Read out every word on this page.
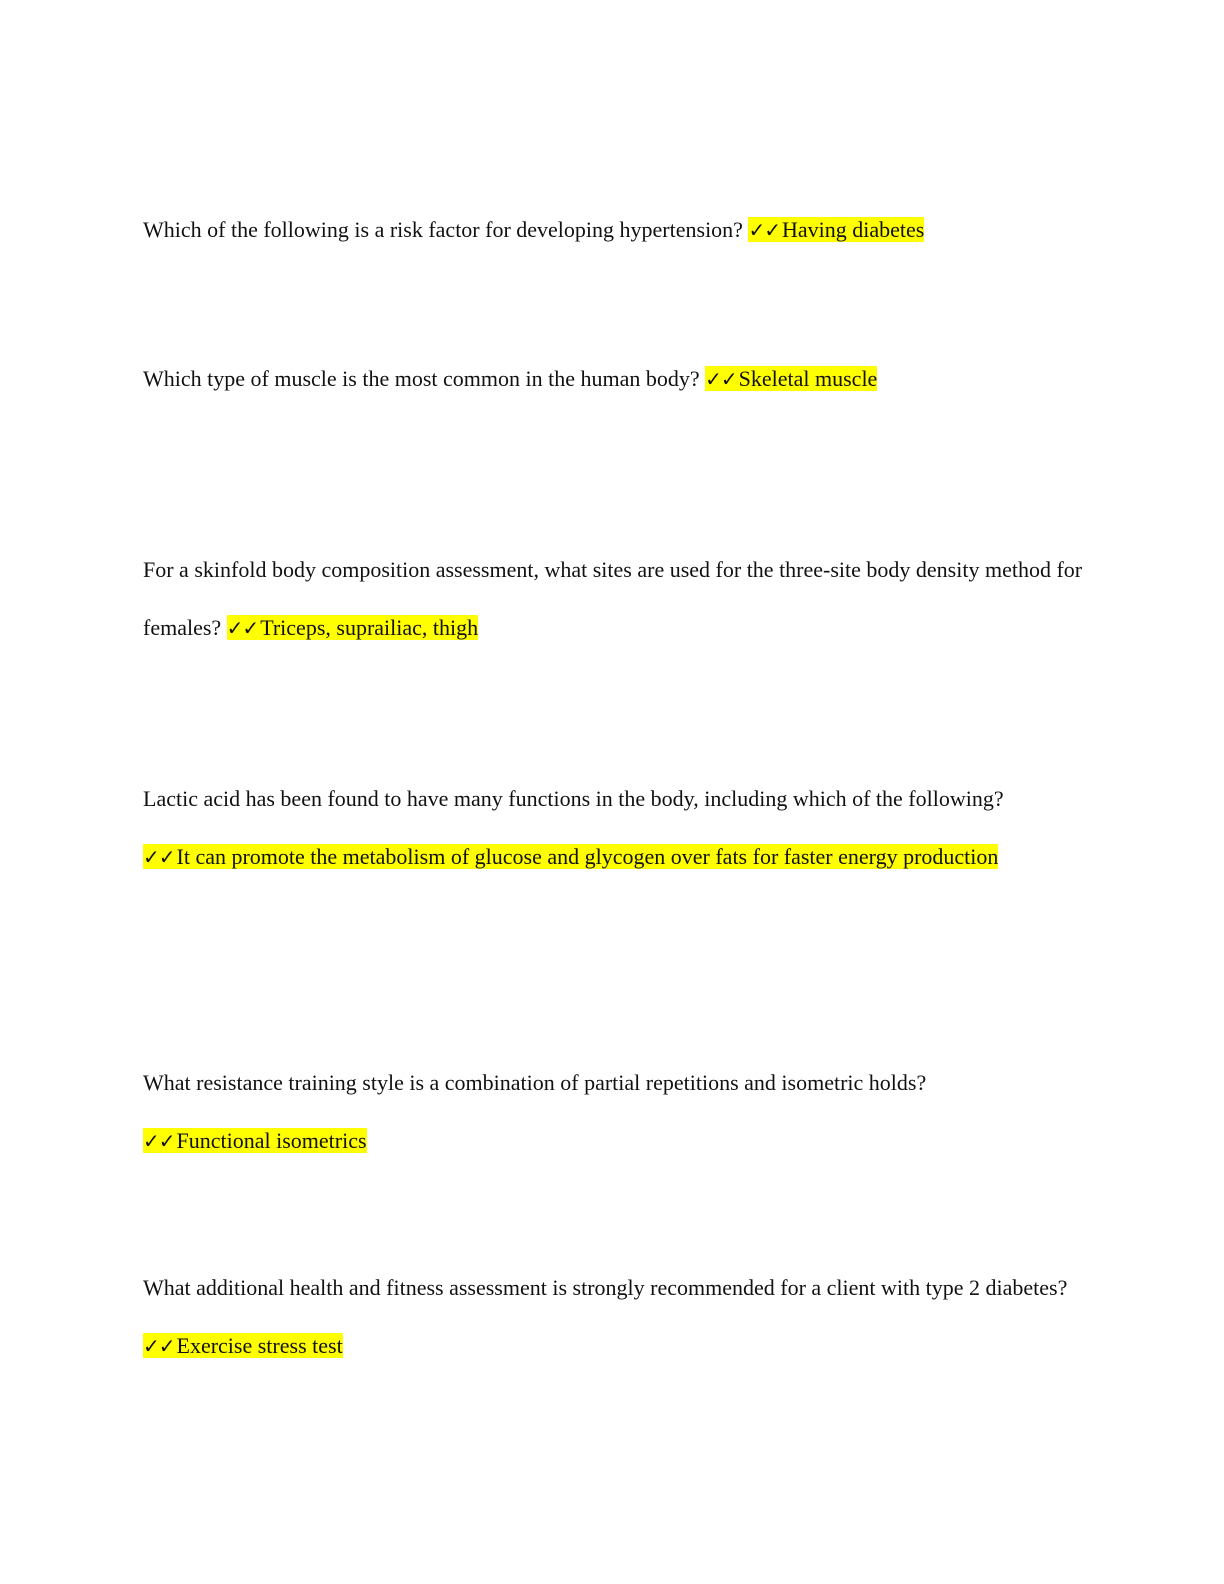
Which of the following is a risk factor for developing hypertension? ✓✓Having diabetes

Which type of muscle is the most common in the human body? ✓✓Skeletal muscle

For a skinfold body composition assessment, what sites are used for the three-site body density method for females? ✓✓Triceps, suprailiac, thigh

Lactic acid has been found to have many functions in the body, including which of the following?
✓✓It can promote the metabolism of glucose and glycogen over fats for faster energy production

What resistance training style is a combination of partial repetitions and isometric holds?
✓✓Functional isometrics

What additional health and fitness assessment is strongly recommended for a client with type 2 diabetes? ✓✓Exercise stress test
